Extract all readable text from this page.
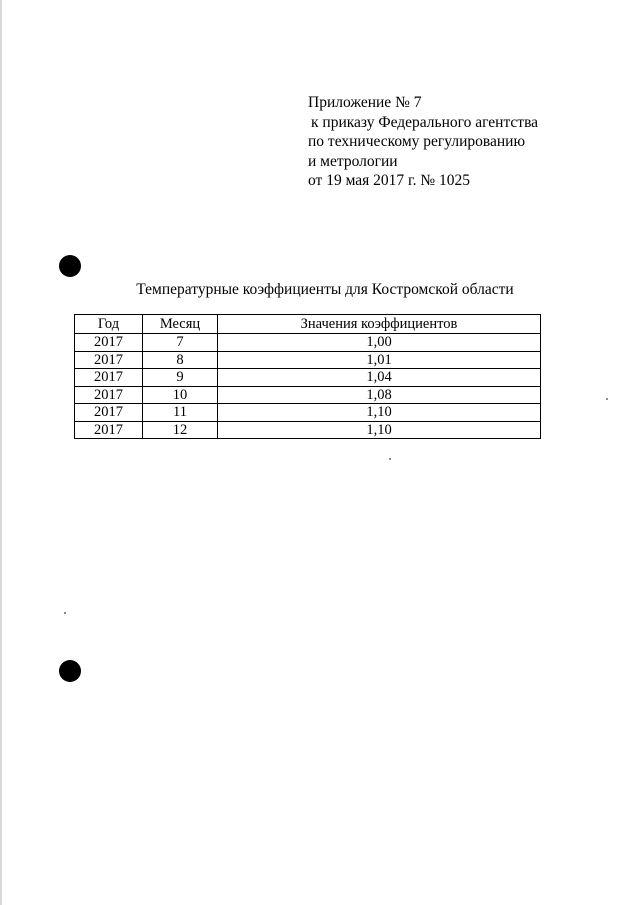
Приложение № 7
к приказу Федерального агентства
по техническому регулированию
и метрологии
от 19 мая 2017 г. № 1025
Температурные коэффициенты для Костромской области
Год	Месяц	Значения коэффициентов
2017	7	1,00
2017	8	1,01
2017	9	1,04
2017	10	1,08
2017	11	1,10
2017	12	1,10
